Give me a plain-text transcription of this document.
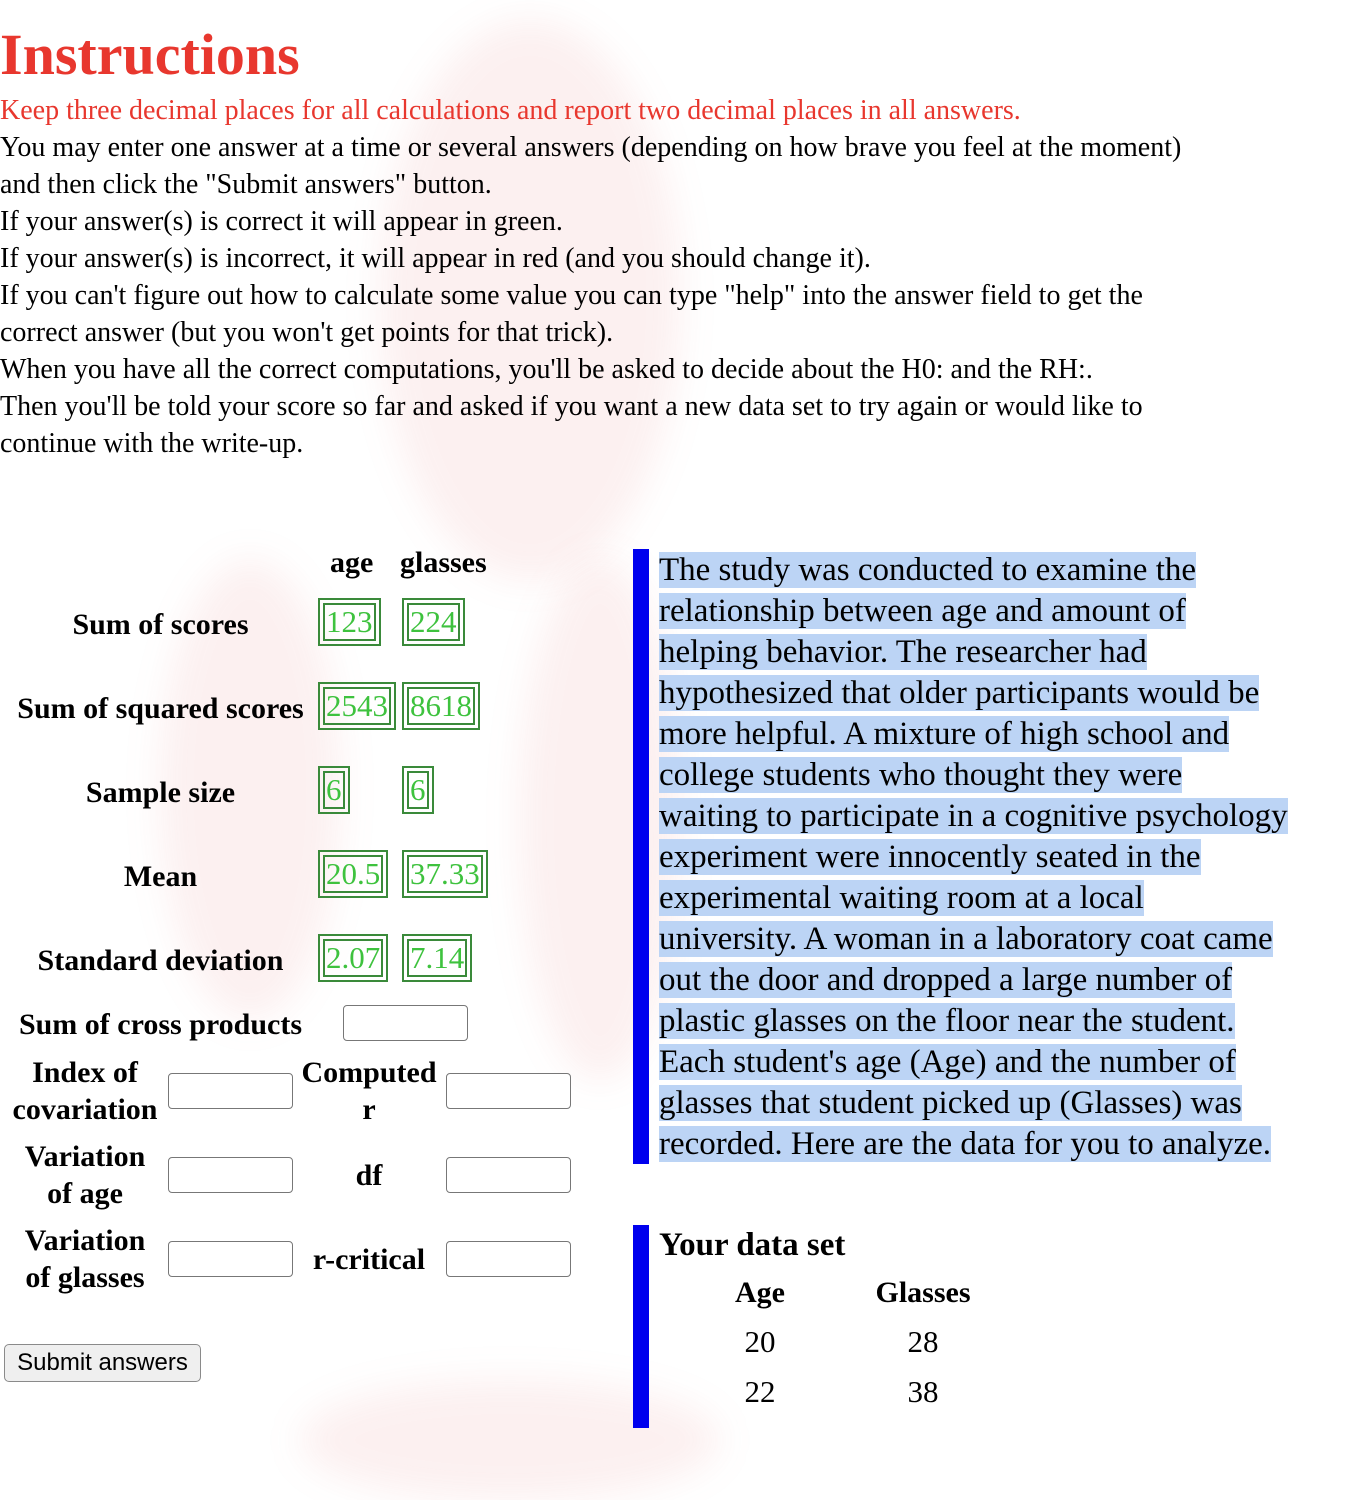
Instructions
Keep three decimal places for all calculations and report two decimal places in all answers.
You may enter one answer at a time or several answers (depending on how brave you feel at the moment)
and then click the "Submit answers" button.
If your answer(s) is correct it will appear in green.
If your answer(s) is incorrect, it will appear in red (and you should change it).
If you can't figure out how to calculate some value you can type "help" into the answer field to get the
correct answer (but you won't get points for that trick).
When you have all the correct computations, you'll be asked to decide about the H0: and the RH:.
Then you'll be told your score so far and asked if you want a new data set to try again or would like to
continue with the write-up.
age glasses
Sum of scores	123 224
Sum of squared scores 2543 8618
Sample size	6 6
Mean	20.5 37.33
Standard deviation	2.07 7.14
Sum of cross products
Index of
covariation
Computed
r
Variation
of age
df
Variation
of glasses
r-critical
Submit answers
The study was conducted to examine the
relationship between age and amount of
helping behavior. The researcher had
hypothesized that older participants would be
more helpful. A mixture of high school and
college students who thought they were
waiting to participate in a cognitive psychology
experiment were innocently seated in the
experimental waiting room at a local
university. A woman in a laboratory coat came
out the door and dropped a large number of
plastic glasses on the floor near the student.
Each student's age (Age) and the number of
glasses that student picked up (Glasses) was
recorded. Here are the data for you to analyze.
Your data set
Age	Glasses
20	28
22	38
